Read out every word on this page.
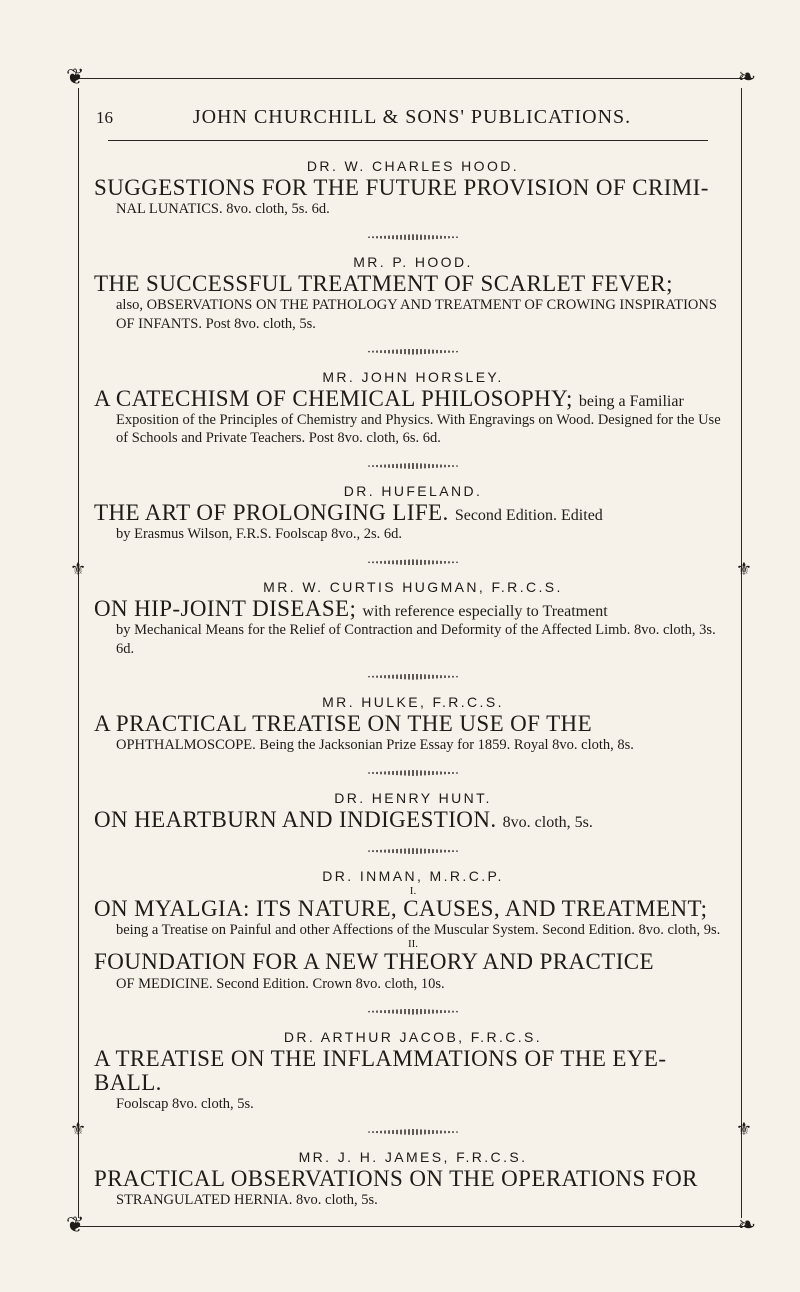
❦	❧
❦	❧
⚜	⚜
⚜	⚜
16	JOHN CHURCHILL & SONS' PUBLICATIONS.

DR. W. CHARLES HOOD.

SUGGESTIONS FOR THE FUTURE PROVISION OF CRIMI-

NAL LUNATICS. 8vo. cloth, 5s. 6d.

MR. P. HOOD.

THE SUCCESSFUL TREATMENT OF SCARLET FEVER;

also, OBSERVATIONS ON THE PATHOLOGY AND TREATMENT OF CROWING INSPIRATIONS OF INFANTS. Post 8vo. cloth, 5s.

MR. JOHN HORSLEY.

A CATECHISM OF CHEMICAL PHILOSOPHY; being a Familiar

Exposition of the Principles of Chemistry and Physics. With Engravings on Wood. Designed for the Use of Schools and Private Teachers. Post 8vo. cloth, 6s. 6d.

DR. HUFELAND.

THE ART OF PROLONGING LIFE. Second Edition. Edited

by Erasmus Wilson, F.R.S. Foolscap 8vo., 2s. 6d.

MR. W. CURTIS HUGMAN, F.R.C.S.

ON HIP-JOINT DISEASE; with reference especially to Treatment

by Mechanical Means for the Relief of Contraction and Deformity of the Affected Limb. 8vo. cloth, 3s. 6d.

MR. HULKE, F.R.C.S.

A PRACTICAL TREATISE ON THE USE OF THE

OPHTHALMOSCOPE. Being the Jacksonian Prize Essay for 1859. Royal 8vo. cloth, 8s.

DR. HENRY HUNT.

ON HEARTBURN AND INDIGESTION. 8vo. cloth, 5s.

DR. INMAN, M.R.C.P.

I.

ON MYALGIA: ITS NATURE, CAUSES, AND TREATMENT;

being a Treatise on Painful and other Affections of the Muscular System. Second Edition. 8vo. cloth, 9s.

II.

FOUNDATION FOR A NEW THEORY AND PRACTICE

OF MEDICINE. Second Edition. Crown 8vo. cloth, 10s.

DR. ARTHUR JACOB, F.R.C.S.

A TREATISE ON THE INFLAMMATIONS OF THE EYE-BALL.

Foolscap 8vo. cloth, 5s.

MR. J. H. JAMES, F.R.C.S.

PRACTICAL OBSERVATIONS ON THE OPERATIONS FOR

STRANGULATED HERNIA. 8vo. cloth, 5s.
